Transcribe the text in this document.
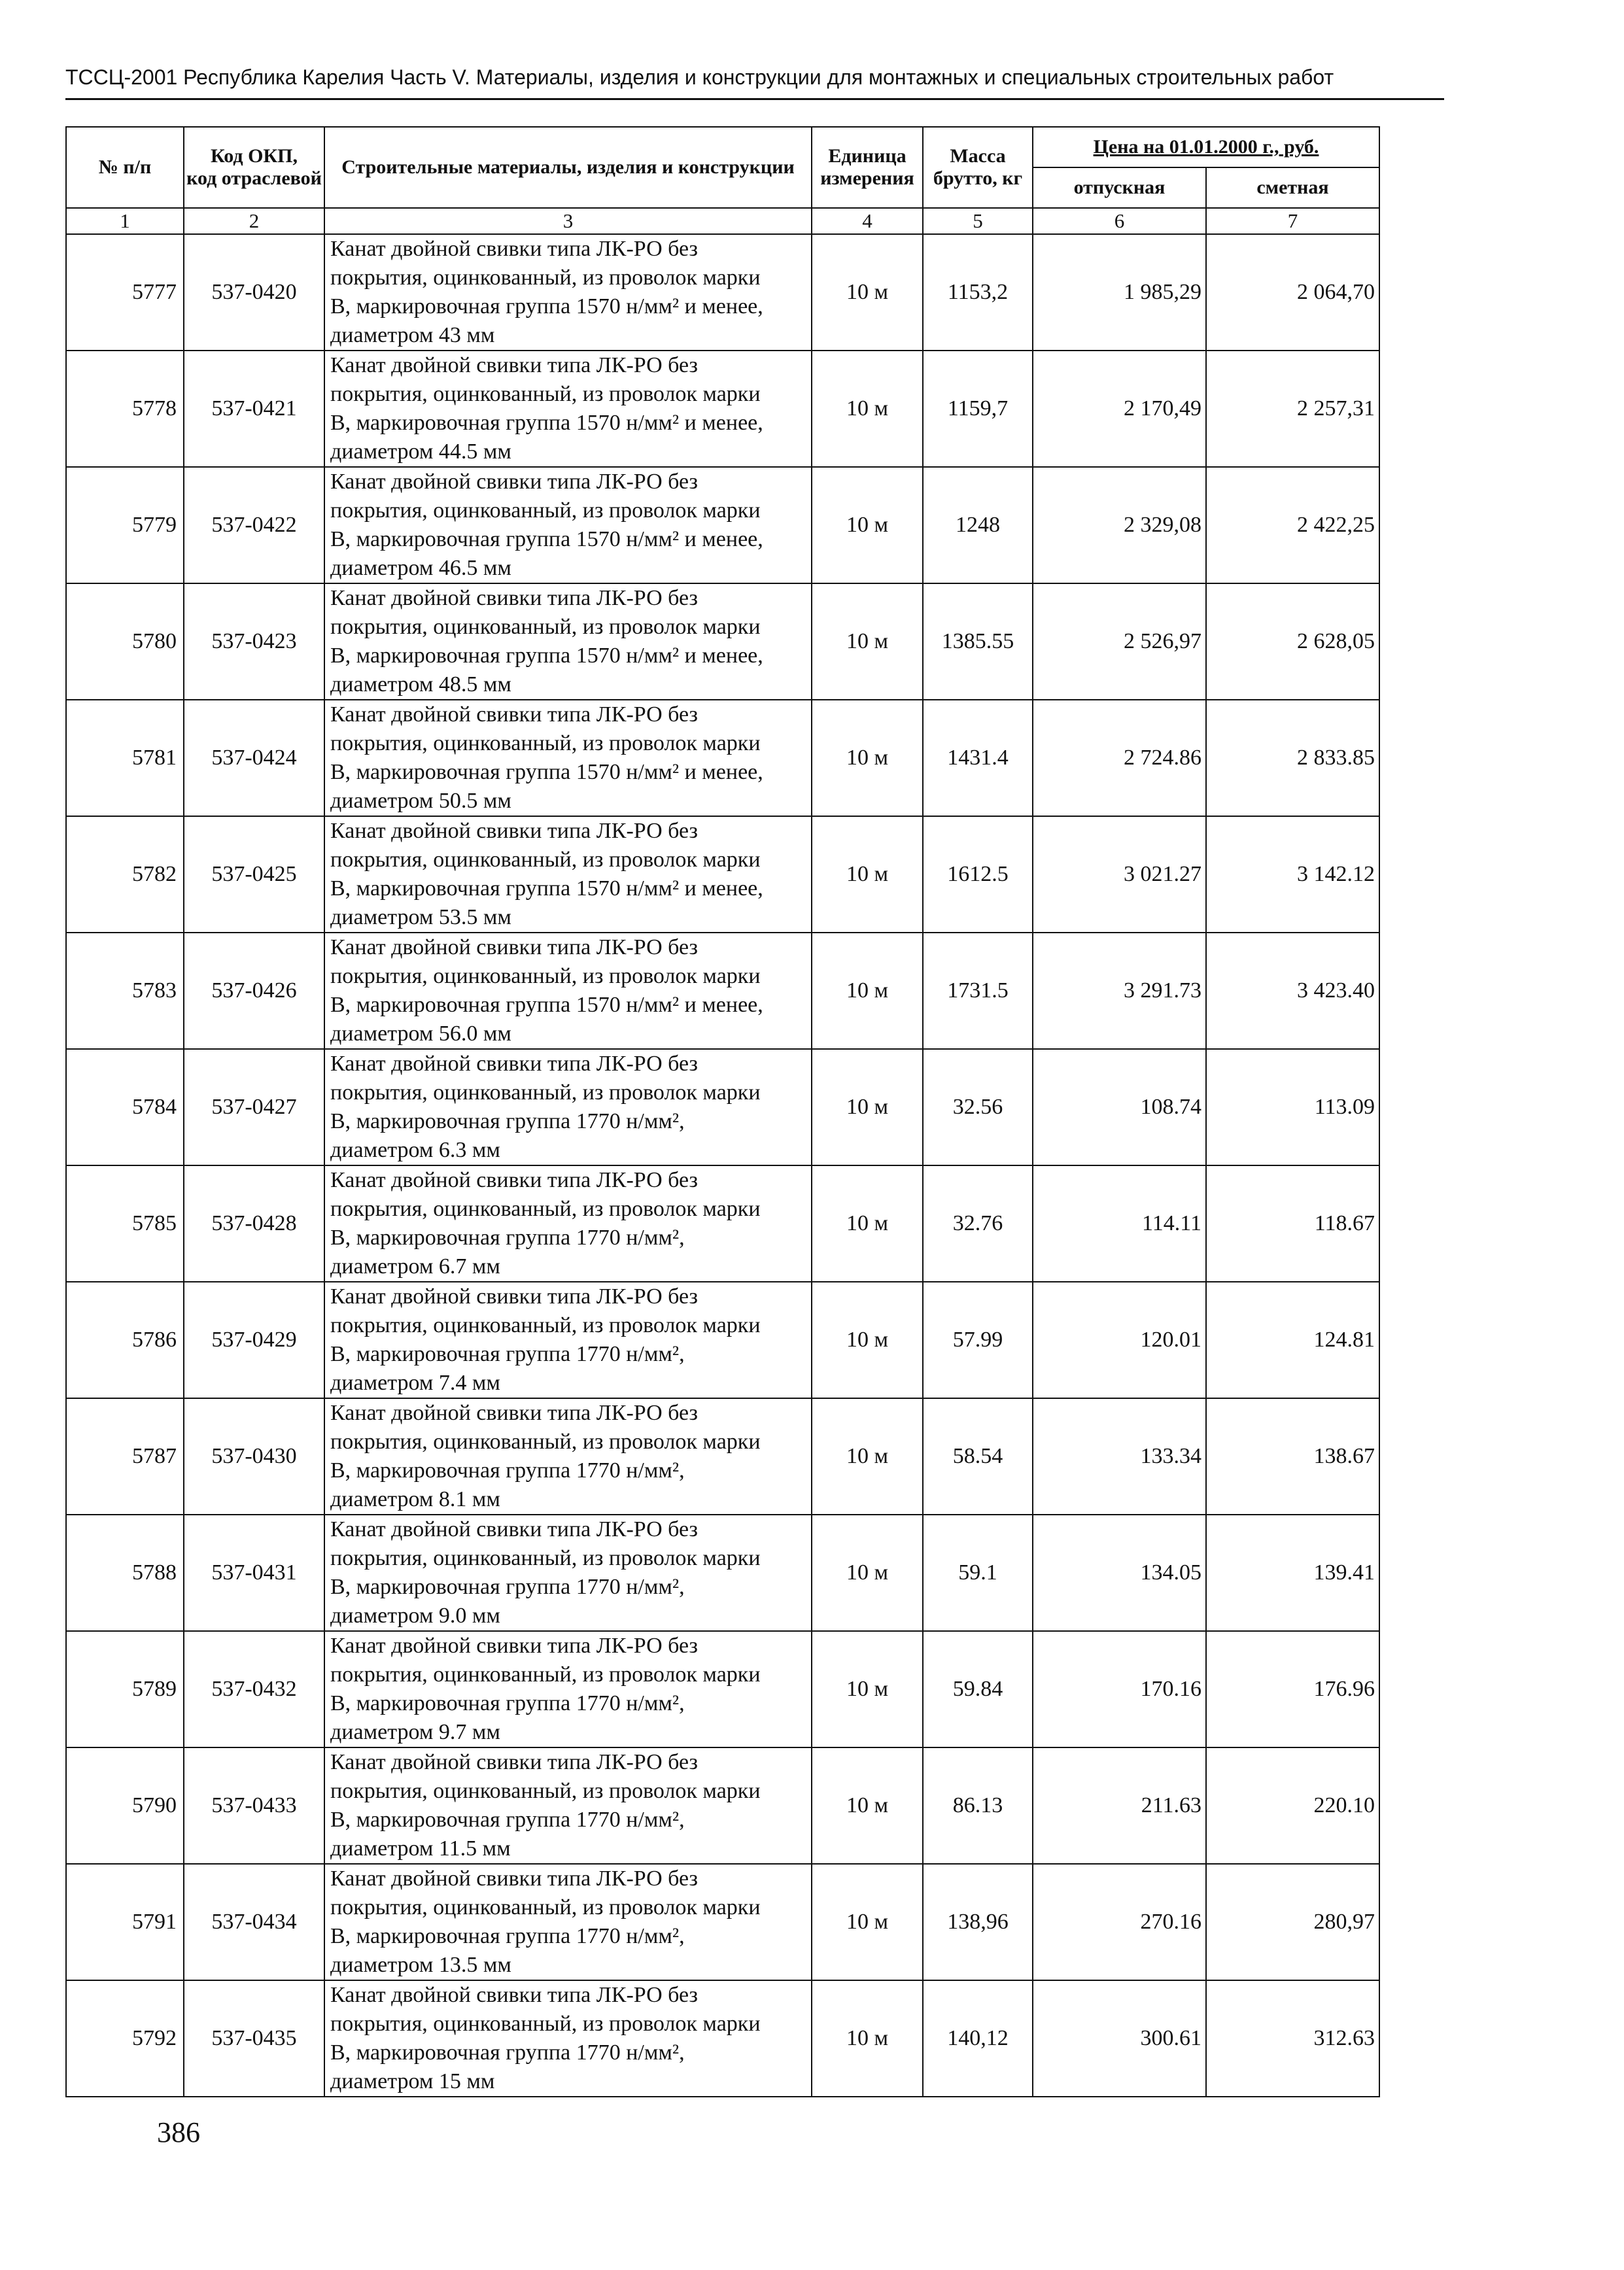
ТССЦ-2001 Республика Карелия Часть V. Материалы, изделия и конструкции для монтажных и специальных строительных работ
№ п/п	Код ОКП,
код отраслевой	Строительные материалы, изделия и конструкции	Единица измерения	Масса брутто, кг	Цена на 01.01.2000 г., руб.	
					отпускная	сметная
1	2	3	4	5	6	7
5777	537-0420	Канат двойной свивки типа ЛК-РО без
покрытия, оцинкованный, из проволок марки
В, маркировочная группа 1570 н/мм² и менее,
диаметром 43 мм	10 м	1153,2	1 985,29	2 064,70
5778	537-0421	Канат двойной свивки типа ЛК-РО без
покрытия, оцинкованный, из проволок марки
В, маркировочная группа 1570 н/мм² и менее,
диаметром 44.5 мм	10 м	1159,7	2 170,49	2 257,31
5779	537-0422	Канат двойной свивки типа ЛК-РО без
покрытия, оцинкованный, из проволок марки
В, маркировочная группа 1570 н/мм² и менее,
диаметром 46.5 мм	10 м	1248	2 329,08	2 422,25
5780	537-0423	Канат двойной свивки типа ЛК-РО без
покрытия, оцинкованный, из проволок марки
В, маркировочная группа 1570 н/мм² и менее,
диаметром 48.5 мм	10 м	1385.55	2 526,97	2 628,05
5781	537-0424	Канат двойной свивки типа ЛК-РО без
покрытия, оцинкованный, из проволок марки
В, маркировочная группа 1570 н/мм² и менее,
диаметром 50.5 мм	10 м	1431.4	2 724.86	2 833.85
5782	537-0425	Канат двойной свивки типа ЛК-РО без
покрытия, оцинкованный, из проволок марки
В, маркировочная группа 1570 н/мм² и менее,
диаметром 53.5 мм	10 м	1612.5	3 021.27	3 142.12
5783	537-0426	Канат двойной свивки типа ЛК-РО без
покрытия, оцинкованный, из проволок марки
В, маркировочная группа 1570 н/мм² и менее,
диаметром 56.0 мм	10 м	1731.5	3 291.73	3 423.40
5784	537-0427	Канат двойной свивки типа ЛК-РО без
покрытия, оцинкованный, из проволок марки
В, маркировочная группа 1770 н/мм²,
диаметром 6.3 мм	10 м	32.56	108.74	113.09
5785	537-0428	Канат двойной свивки типа ЛК-РО без
покрытия, оцинкованный, из проволок марки
В, маркировочная группа 1770 н/мм²,
диаметром 6.7 мм	10 м	32.76	114.11	118.67
5786	537-0429	Канат двойной свивки типа ЛК-РО без
покрытия, оцинкованный, из проволок марки
В, маркировочная группа 1770 н/мм²,
диаметром 7.4 мм	10 м	57.99	120.01	124.81
5787	537-0430	Канат двойной свивки типа ЛК-РО без
покрытия, оцинкованный, из проволок марки
В, маркировочная группа 1770 н/мм²,
диаметром 8.1 мм	10 м	58.54	133.34	138.67
5788	537-0431	Канат двойной свивки типа ЛК-РО без
покрытия, оцинкованный, из проволок марки
В, маркировочная группа 1770 н/мм²,
диаметром 9.0 мм	10 м	59.1	134.05	139.41
5789	537-0432	Канат двойной свивки типа ЛК-РО без
покрытия, оцинкованный, из проволок марки
В, маркировочная группа 1770 н/мм²,
диаметром 9.7 мм	10 м	59.84	170.16	176.96
5790	537-0433	Канат двойной свивки типа ЛК-РО без
покрытия, оцинкованный, из проволок марки
В, маркировочная группа 1770 н/мм²,
диаметром 11.5 мм	10 м	86.13	211.63	220.10
5791	537-0434	Канат двойной свивки типа ЛК-РО без
покрытия, оцинкованный, из проволок марки
В, маркировочная группа 1770 н/мм²,
диаметром 13.5 мм	10 м	138,96	270.16	280,97
5792	537-0435	Канат двойной свивки типа ЛК-РО без
покрытия, оцинкованный, из проволок марки
В, маркировочная группа 1770 н/мм²,
диаметром 15 мм	10 м	140,12	300.61	312.63
386
